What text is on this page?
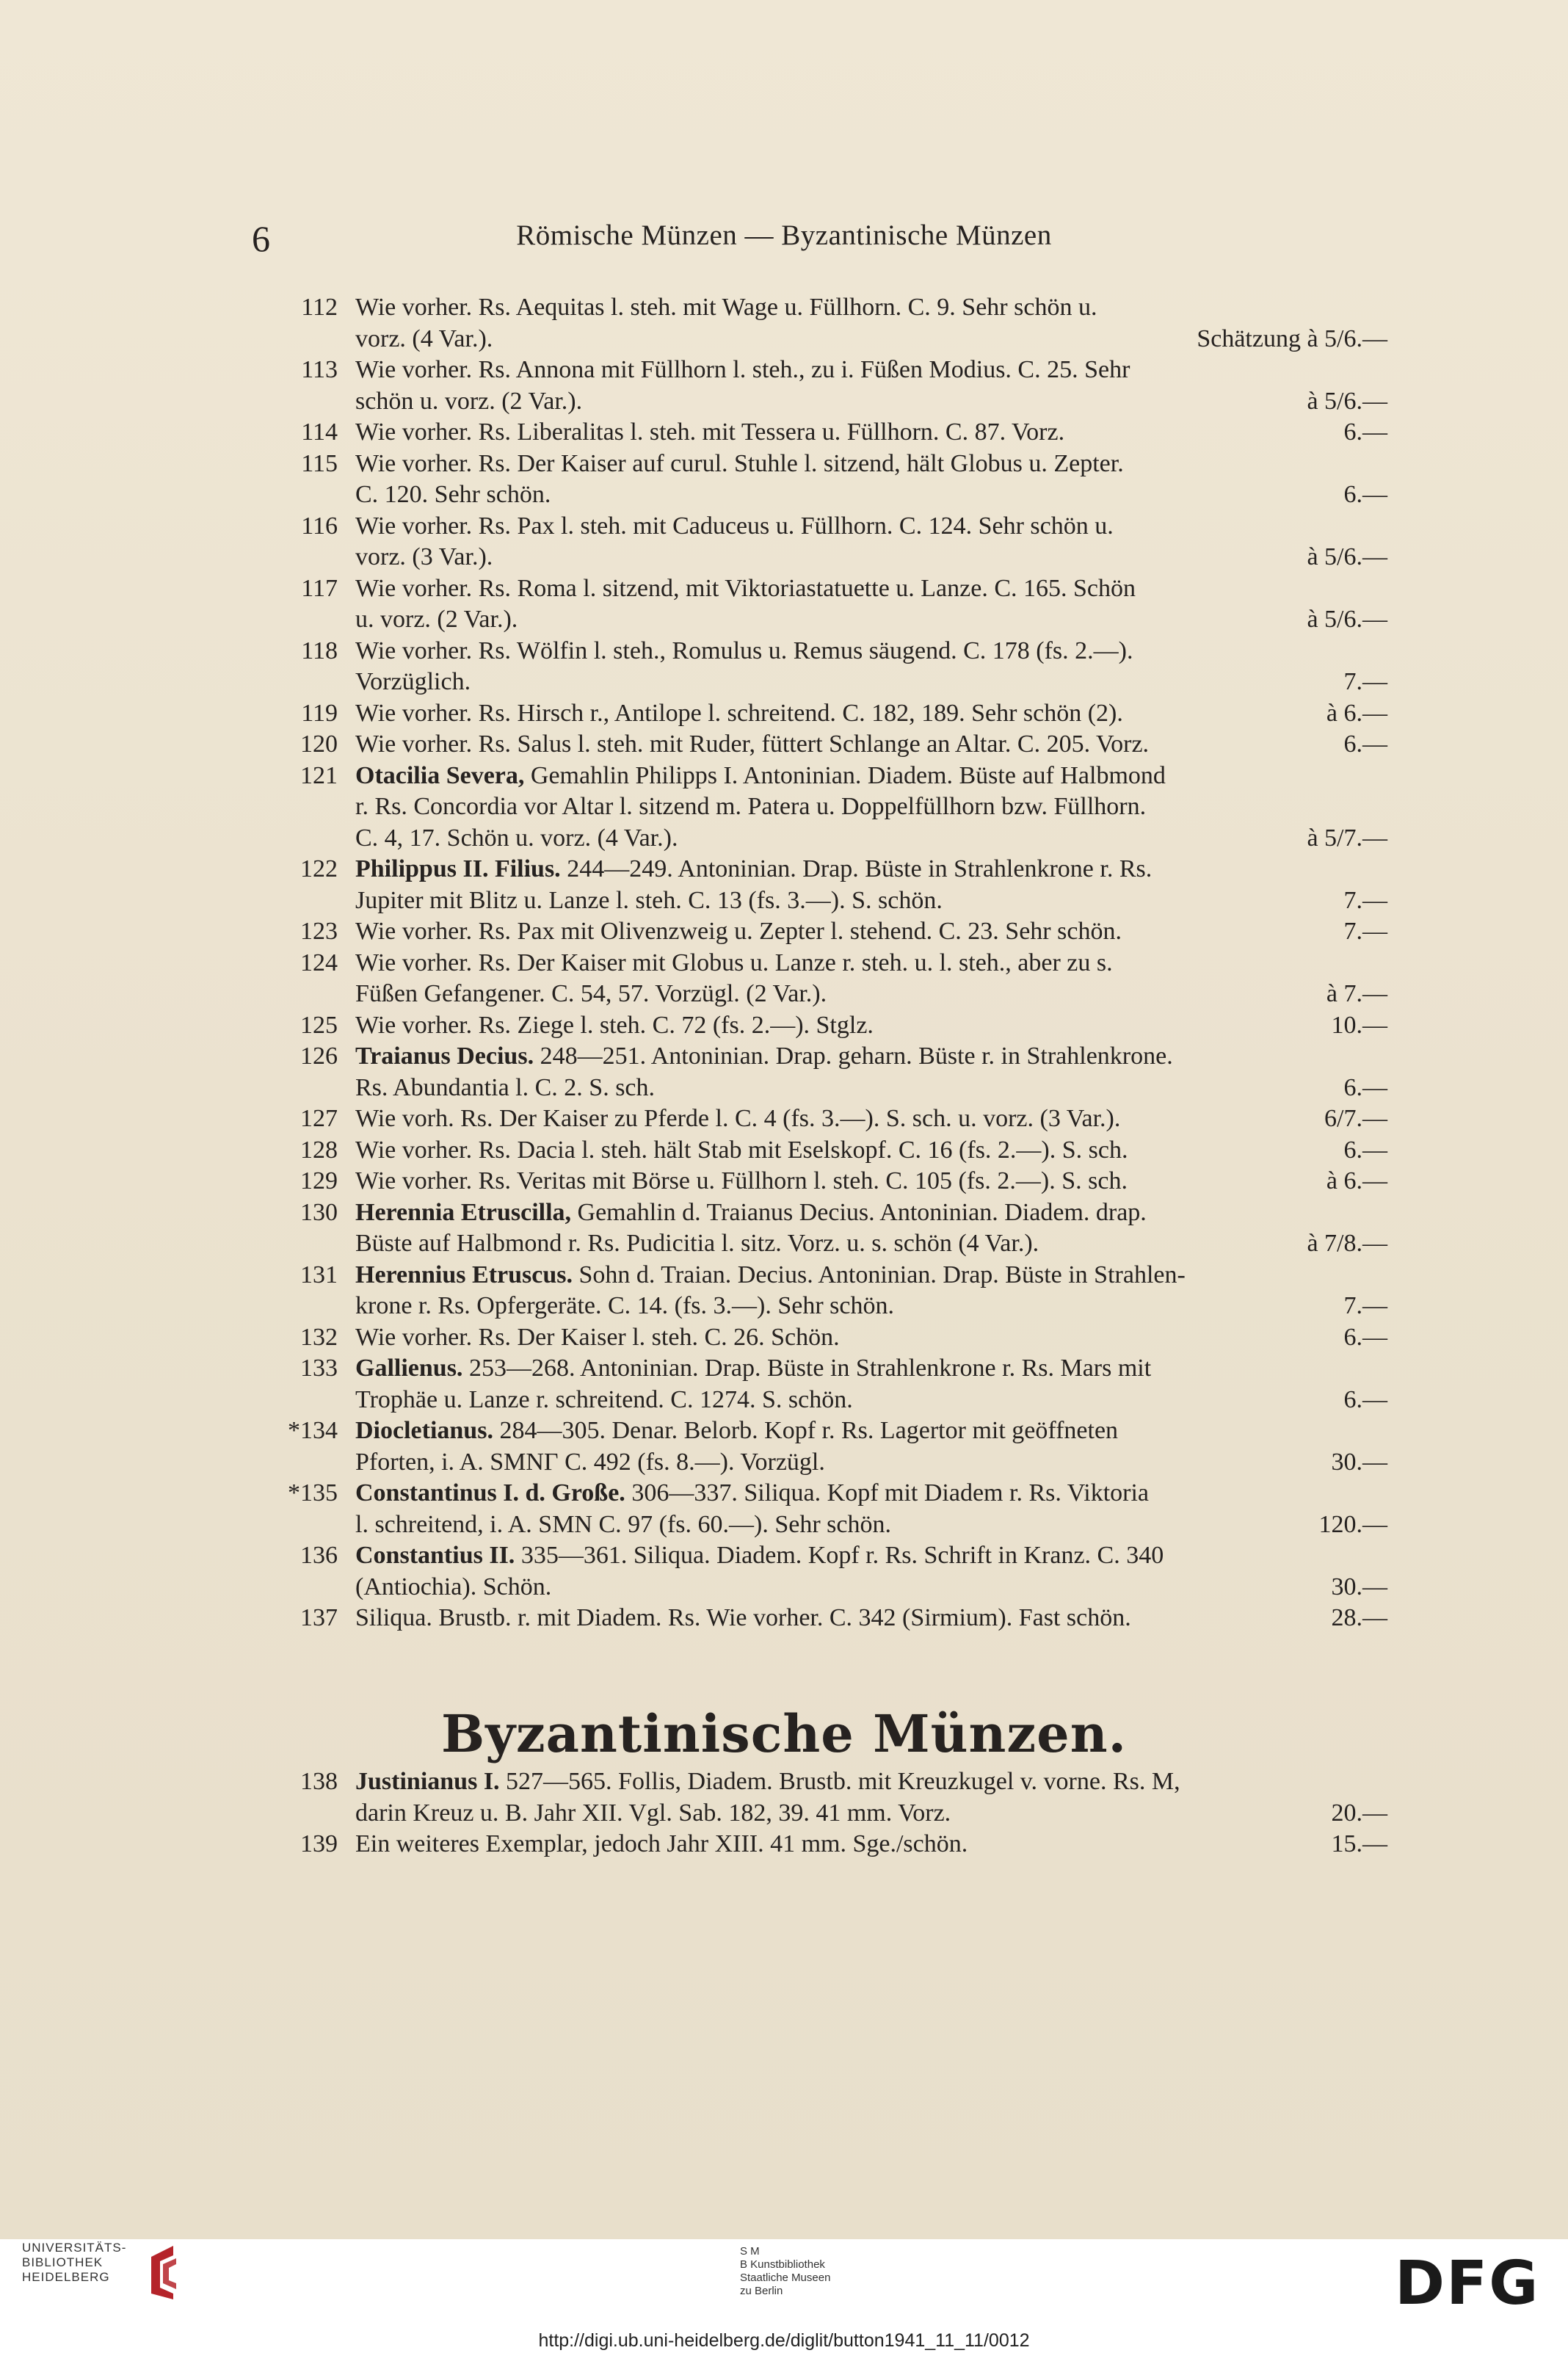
6	Römische Münzen — Byzantinische Münzen
112 Wie vorher. Rs. Aequitas l. steh. mit Wage u. Füllhorn. C. 9. Sehr schön u.
vorz. (4 Var.).	Schätzung à 5/6.—
113 Wie vorher. Rs. Annona mit Füllhorn l. steh., zu i. Füßen Modius. C. 25. Sehr
schön u. vorz. (2 Var.).	à 5/6.—
114 Wie vorher. Rs. Liberalitas l. steh. mit Tessera u. Füllhorn. C. 87. Vorz.	6.—
115 Wie vorher. Rs. Der Kaiser auf curul. Stuhle l. sitzend, hält Globus u. Zepter.
C. 120. Sehr schön.	6.—
116 Wie vorher. Rs. Pax l. steh. mit Caduceus u. Füllhorn. C. 124. Sehr schön u.
vorz. (3 Var.).	à 5/6.—
117 Wie vorher. Rs. Roma l. sitzend, mit Viktoriastatuette u. Lanze. C. 165. Schön
u. vorz. (2 Var.).	à 5/6.—
118 Wie vorher. Rs. Wölfin l. steh., Romulus u. Remus säugend. C. 178 (fs. 2.—).
Vorzüglich.	7.—
119 Wie vorher. Rs. Hirsch r., Antilope l. schreitend. C. 182, 189. Sehr schön (2).	à 6.—
120 Wie vorher. Rs. Salus l. steh. mit Ruder, füttert Schlange an Altar. C. 205. Vorz.	6.—
121 Otacilia Severa, Gemahlin Philipps I. Antoninian. Diadem. Büste auf Halbmond
r. Rs. Concordia vor Altar l. sitzend m. Patera u. Doppelfüllhorn bzw. Füllhorn.
C. 4, 17. Schön u. vorz. (4 Var.).	à 5/7.—
122 Philippus II. Filius. 244—249. Antoninian. Drap. Büste in Strahlenkrone r. Rs.
Jupiter mit Blitz u. Lanze l. steh. C. 13 (fs. 3.—). S. schön.	7.—
123 Wie vorher. Rs. Pax mit Olivenzweig u. Zepter l. stehend. C. 23. Sehr schön.	7.—
124 Wie vorher. Rs. Der Kaiser mit Globus u. Lanze r. steh. u. l. steh., aber zu s.
Füßen Gefangener. C. 54, 57. Vorzügl. (2 Var.).	à 7.—
125 Wie vorher. Rs. Ziege l. steh. C. 72 (fs. 2.—). Stglz.	10.—
126 Traianus Decius. 248—251. Antoninian. Drap. geharn. Büste r. in Strahlenkrone.
Rs. Abundantia l. C. 2. S. sch.	6.—
127 Wie vorh. Rs. Der Kaiser zu Pferde l. C. 4 (fs. 3.—). S. sch. u. vorz. (3 Var.).	6/7.—
128 Wie vorher. Rs. Dacia l. steh. hält Stab mit Eselskopf. C. 16 (fs. 2.—). S. sch.	6.—
129 Wie vorher. Rs. Veritas mit Börse u. Füllhorn l. steh. C. 105 (fs. 2.—). S. sch.	à 6.—
130 Herennia Etruscilla, Gemahlin d. Traianus Decius. Antoninian. Diadem. drap.
Büste auf Halbmond r. Rs. Pudicitia l. sitz. Vorz. u. s. schön (4 Var.).	à 7/8.—
131 Herennius Etruscus. Sohn d. Traian. Decius. Antoninian. Drap. Büste in Strahlen-
krone r. Rs. Opfergeräte. C. 14. (fs. 3.—). Sehr schön.	7.—
132 Wie vorher. Rs. Der Kaiser l. steh. C. 26. Schön.	6.—
133 Gallienus. 253—268. Antoninian. Drap. Büste in Strahlenkrone r. Rs. Mars mit
Trophäe u. Lanze r. schreitend. C. 1274. S. schön.	6.—
*134 Diocletianus. 284—305. Denar. Belorb. Kopf r. Rs. Lagertor mit geöffneten
Pforten, i. A. SMNΓ C. 492 (fs. 8.—). Vorzügl.	30.—
*135 Constantinus I. d. Große. 306—337. Siliqua. Kopf mit Diadem r. Rs. Viktoria
l. schreitend, i. A. SMN C. 97 (fs. 60.—). Sehr schön.	120.—
136 Constantius II. 335—361. Siliqua. Diadem. Kopf r. Rs. Schrift in Kranz. C. 340
(Antiochia). Schön.	30.—
137 Siliqua. Brustb. r. mit Diadem. Rs. Wie vorher. C. 342 (Sirmium). Fast schön.	28.—
Byzantinische Münzen.
138 Justinianus I. 527—565. Follis, Diadem. Brustb. mit Kreuzkugel v. vorne. Rs. M,
darin Kreuz u. B. Jahr XII. Vgl. Sab. 182, 39. 41 mm. Vorz.	20.—
139 Ein weiteres Exemplar, jedoch Jahr XIII. 41 mm. Sge./schön.	15.—
UNIVERSITÄTS-
BIBLIOTHEK
HEIDELBERG
S M
B Kunstbibliothek
Staatliche Museen
zu Berlin	DFG
http://digi.ub.uni-heidelberg.de/diglit/button1941_11_11/0012
